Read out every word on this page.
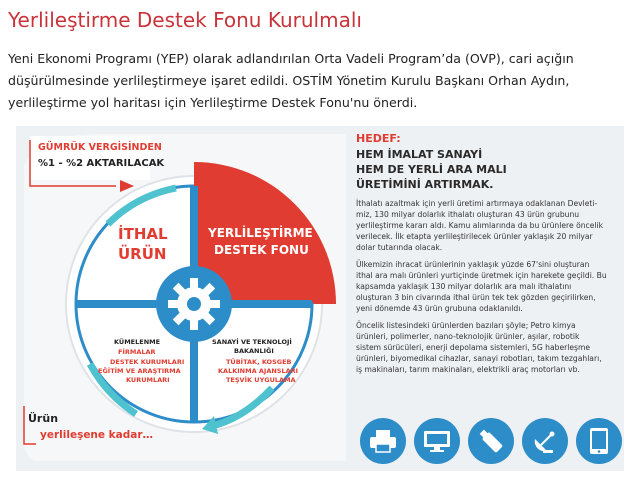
Yerlileştirme Destek Fonu Kurulmalı
Yeni Ekonomi Programı (YEP) olarak adlandırılan Orta Vadeli Program’da (OVP), cari açığın
düşürülmesinde yerlileştirmeye işaret edildi. OSTİM Yönetim Kurulu Başkanı Orhan Aydın,
yerlileştirme yol haritası için Yerlileştirme Destek Fonu'nu önerdi.
GÜMRÜK VERGİSİNDEN
%1 - %2 AKTARILACAK
İTHAL
ÜRÜN
YERLİLEŞTİRME
DESTEK FONU
SANAYİ VE TEKNOLOJİ
BAKANLIĞI
TÜBİTAK, KOSGEB
KALKINMA AJANSLARI
TEŞVİK UYGULAMA
KÜMELENME
FİRMALAR
DESTEK KURUMLARI
EĞİTİM VE ARAŞTIRMA
KURUMLARI
Ürün
yerlileşene kadar…
HEDEF:
HEM İMALAT SANAYİ
HEM DE YERLİ ARA MALI
ÜRETİMİNİ ARTIRMAK.
İthalatı azaltmak için yerli üretimi artırmaya odaklanan Devleti-
miz, 130 milyar dolarlık ithalatı oluşturan 43 ürün grubunu
yerlileştirme kararı aldı. Kamu alımlarında da bu ürünlere öncelik
verilecek. İlk etapta yerlileştirilecek ürünler yaklaşık 20 milyar
dolar tutarında olacak.
Ülkemizin ihracat ürünlerinin yaklaşık yüzde 67'sini oluşturan
ithal ara malı ürünleri yurtiçinde üretmek için harekete geçildi. Bu
kapsamda yaklaşık 130 milyar dolarlık ara malı ithalatını
oluşturan 3 bin civarında ithal ürün tek tek gözden geçirilirken,
yeni dönemde 43 ürün grubuna odaklanıldı.
Öncelik listesindeki ürünlerden bazıları şöyle; Petro kimya
ürünleri, polimerler, nano-teknolojik ürünler, aşılar, robotik
sistem sürücüleri, enerji depolama sistemleri, 5G haberleşme
ürünleri, biyomedikal cihazlar, sanayi robotları, takım tezgahları,
iş makinaları, tarım makinaları, elektrikli araç motorları vb.
